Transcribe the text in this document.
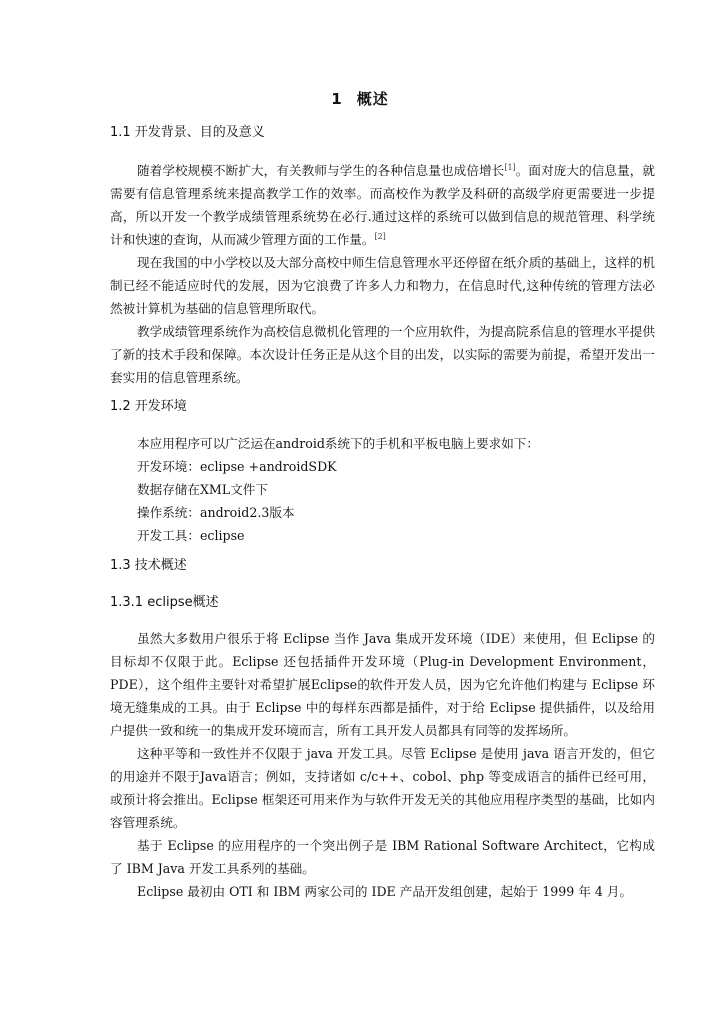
1 概述
1.1 开发背景、目的及意义

随着学校规模不断扩大，有关教师与学生的各种信息量也成倍增长[1]。面对庞大的信息量，就需要有信息管理系统来提高教学工作的效率。而高校作为教学及科研的高级学府更需要进一步提高，所以开发一个教学成绩管理系统势在必行.通过这样的系统可以做到信息的规范管理、科学统计和快速的查询，从而减少管理方面的工作量。[2]

现在我国的中小学校以及大部分高校中师生信息管理水平还停留在纸介质的基础上，这样的机制已经不能适应时代的发展，因为它浪费了许多人力和物力，在信息时代,这种传统的管理方法必然被计算机为基础的信息管理所取代。

教学成绩管理系统作为高校信息微机化管理的一个应用软件，为提高院系信息的管理水平提供了新的技术手段和保障。本次设计任务正是从这个目的出发，以实际的需要为前提，希望开发出一套实用的信息管理系统。

1.2 开发环境
本应用程序可以广泛运在android系统下的手机和平板电脑上要求如下：
开发环境：eclipse +androidSDK
数据存储在XML文件下
操作系统：android2.3版本
开发工具：eclipse
1.3 技术概述
1.3.1 eclipse概述

虽然大多数用户很乐于将 Eclipse 当作 Java 集成开发环境（IDE）来使用，但 Eclipse 的目标却不仅限于此。Eclipse 还包括插件开发环境（Plug-in Development Environment，PDE），这个组件主要针对希望扩展Eclipse的软件开发人员，因为它允许他们构建与 Eclipse 环境无缝集成的工具。由于 Eclipse 中的每样东西都是插件，对于给 Eclipse 提供插件，以及给用户提供一致和统一的集成开发环境而言，所有工具开发人员都具有同等的发挥场所。

这种平等和一致性并不仅限于 java 开发工具。尽管 Eclipse 是使用 java 语言开发的，但它的用途并不限于Java语言；例如，支持诸如 c/c++、cobol、php 等变成语言的插件已经可用，或预计将会推出。Eclipse 框架还可用来作为与软件开发无关的其他应用程序类型的基础，比如内容管理系统。

基于 Eclipse 的应用程序的一个突出例子是 IBM Rational Software Architect，它构成了 IBM Java 开发工具系列的基础。

Eclipse 最初由 OTI 和 IBM 两家公司的 IDE 产品开发组创建，起始于 1999 年 4 月。
